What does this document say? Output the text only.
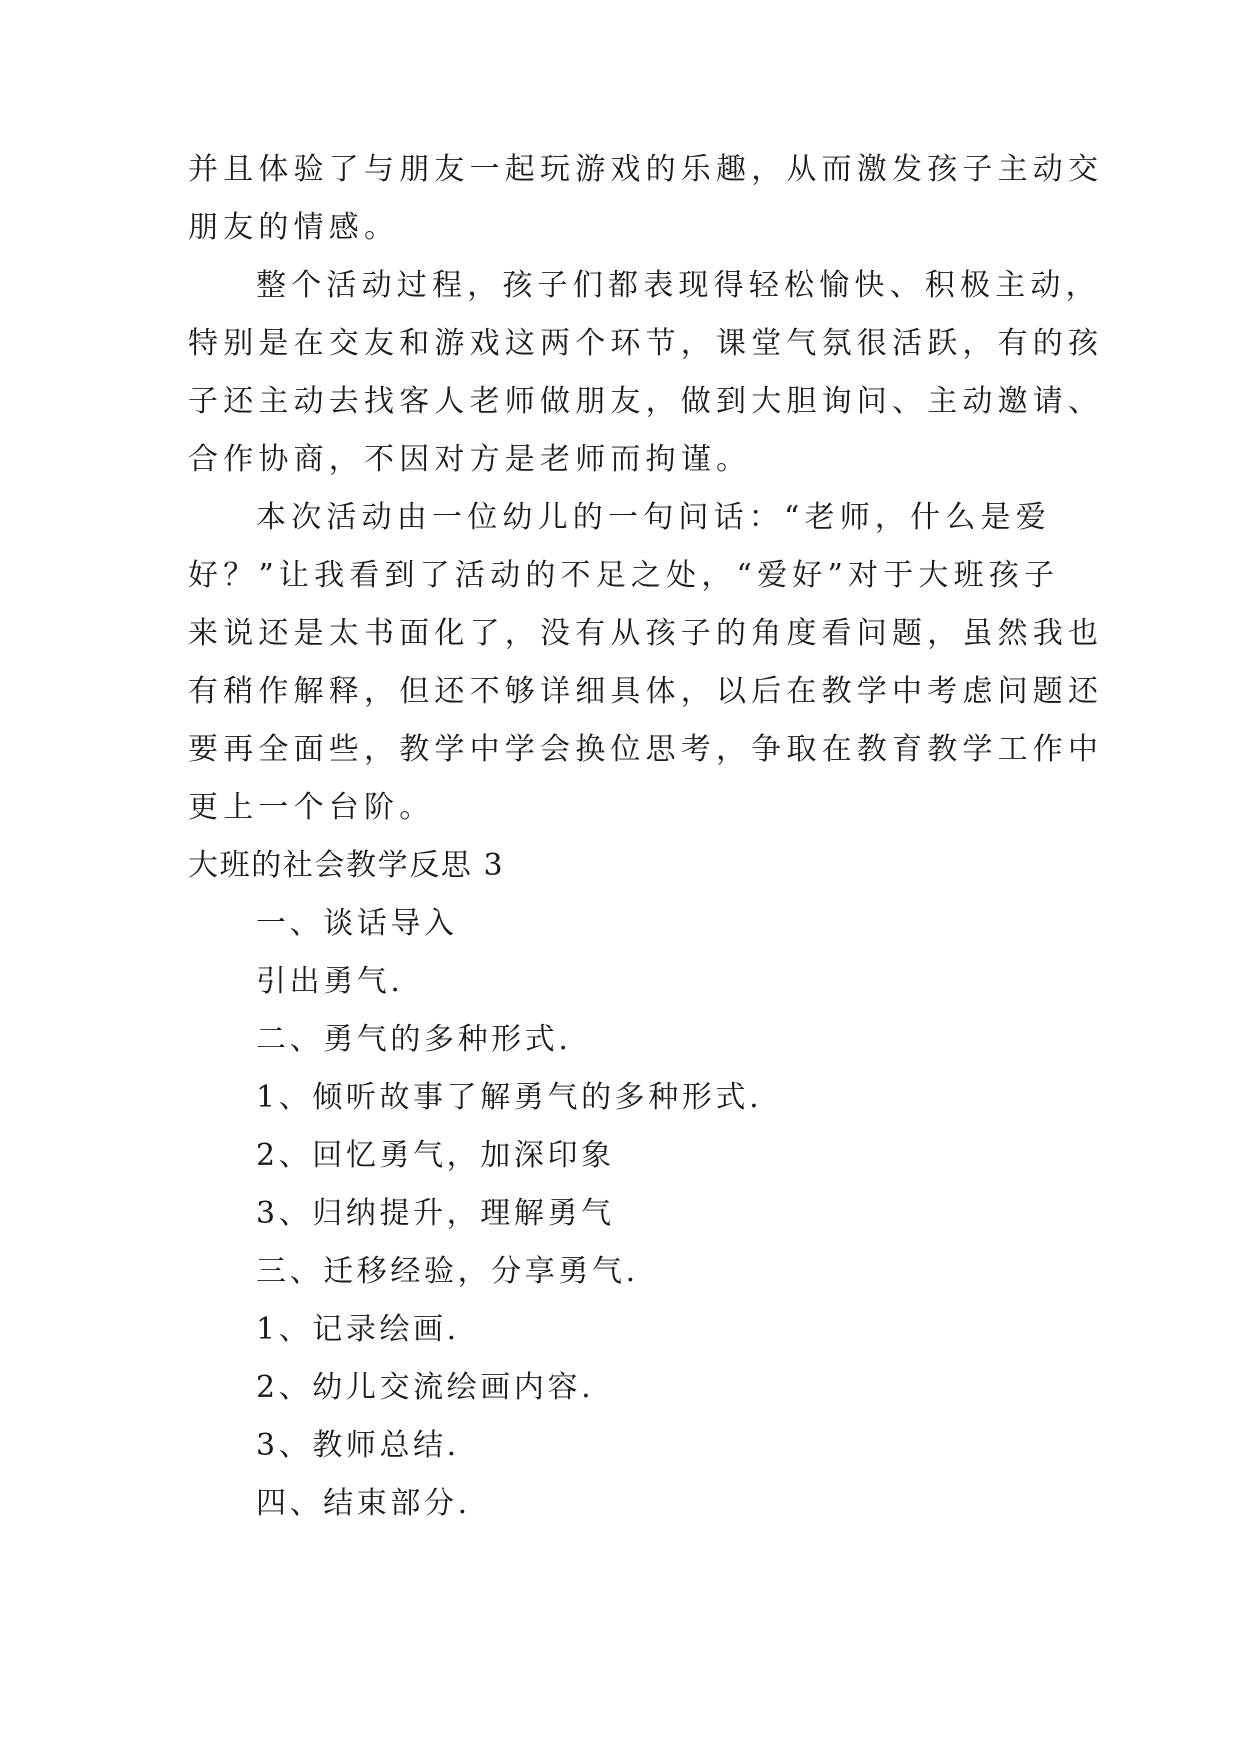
并且体验了与朋友一起玩游戏的乐趣，从而激发孩子主动交
朋友的情感。
整个活动过程，孩子们都表现得轻松愉快、积极主动，
特别是在交友和游戏这两个环节，课堂气氛很活跃，有的孩
子还主动去找客人老师做朋友，做到大胆询问、主动邀请、
合作协商，不因对方是老师而拘谨。
本次活动由一位幼儿的一句问话：“老师，什么是爱
好？”让我看到了活动的不足之处，“爱好”对于大班孩子
来说还是太书面化了，没有从孩子的角度看问题，虽然我也
有稍作解释，但还不够详细具体，以后在教学中考虑问题还
要再全面些，教学中学会换位思考，争取在教育教学工作中
更上一个台阶。
大班的社会教学反思 3
一、谈话导入
引出勇气.
二、勇气的多种形式.
1、倾听故事了解勇气的多种形式.
2、回忆勇气，加深印象
3、归纳提升，理解勇气
三、迁移经验，分享勇气.
1、记录绘画.
2、幼儿交流绘画内容.
3、教师总结.
四、结束部分.
